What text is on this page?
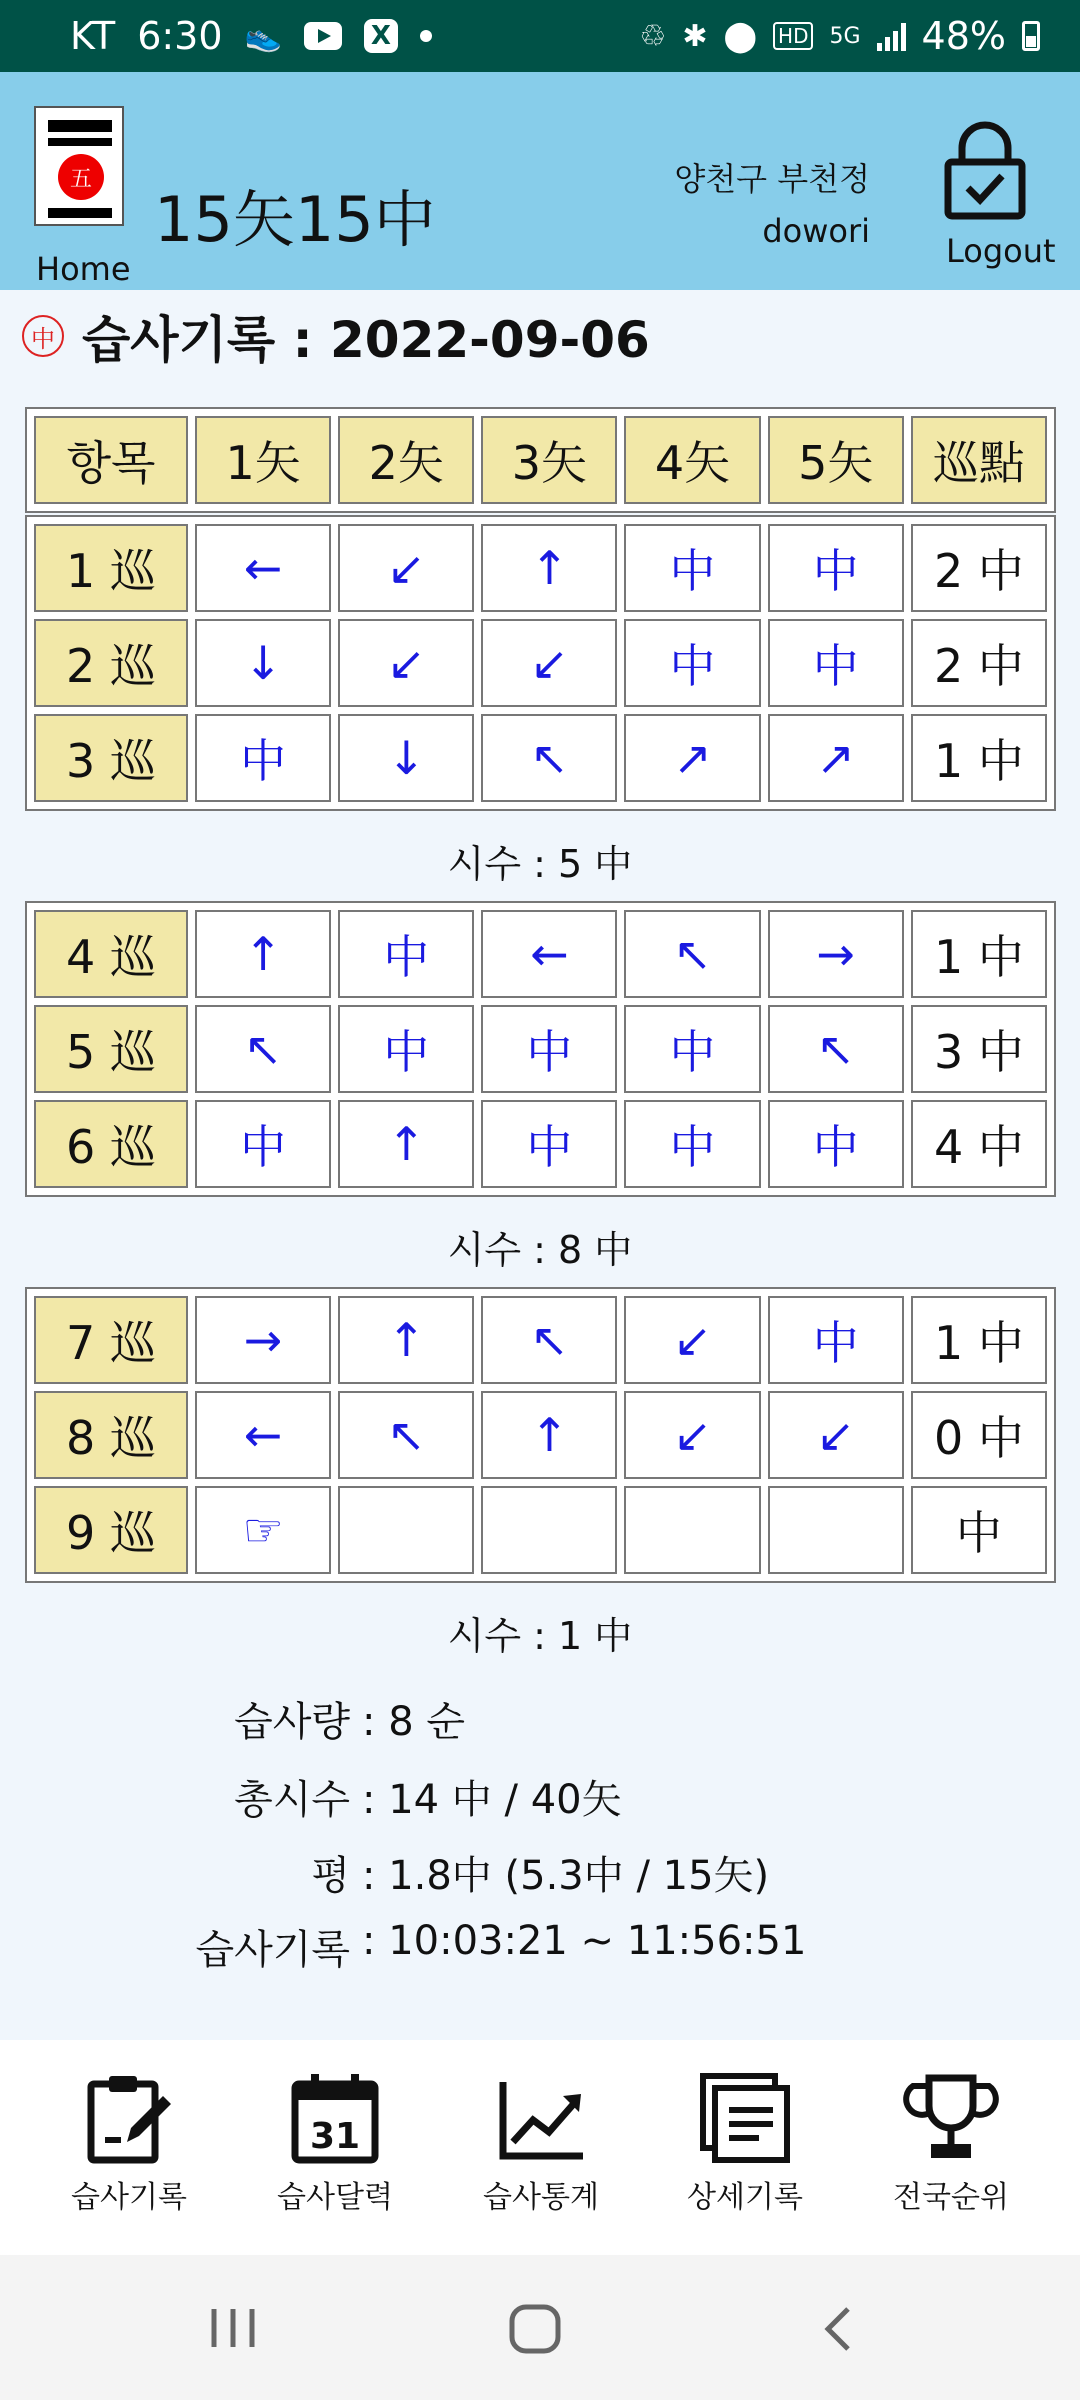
KT 6:30 👟	X	♲ ✱ ⬤ HD 5G 48%
五
Home
15矢15中
양천구 부천정
dowori
Logout
中 습사기록 : 2022-09-06
항목	1矢	2矢	3矢	4矢	5矢	巡點
1 巡	←	↙	↑	中	中	2 中
2 巡	↓	↙	↙	中	中	2 中
3 巡	中	↓	↖	↗	↗	1 中
시수 : 5 中
4 巡	↑	中	←	↖	→	1 中
5 巡	↖	中	中	中	↖	3 中
6 巡	中	↑	中	中	中	4 中
시수 : 8 中
7 巡	→	↑	↖	↙	中	1 中
8 巡	←	↖	↑	↙	↙	0 中
9 巡	☞					中
시수 : 1 中
습사량 : 8 순
총시수 : 14 中 / 40矢
평 : 1.8中 (5.3中 / 15矢)
습사기록 : 10:03:21 ~ 11:56:51
습사기록
31
습사달력	습사통계	상세기록	전국순위
